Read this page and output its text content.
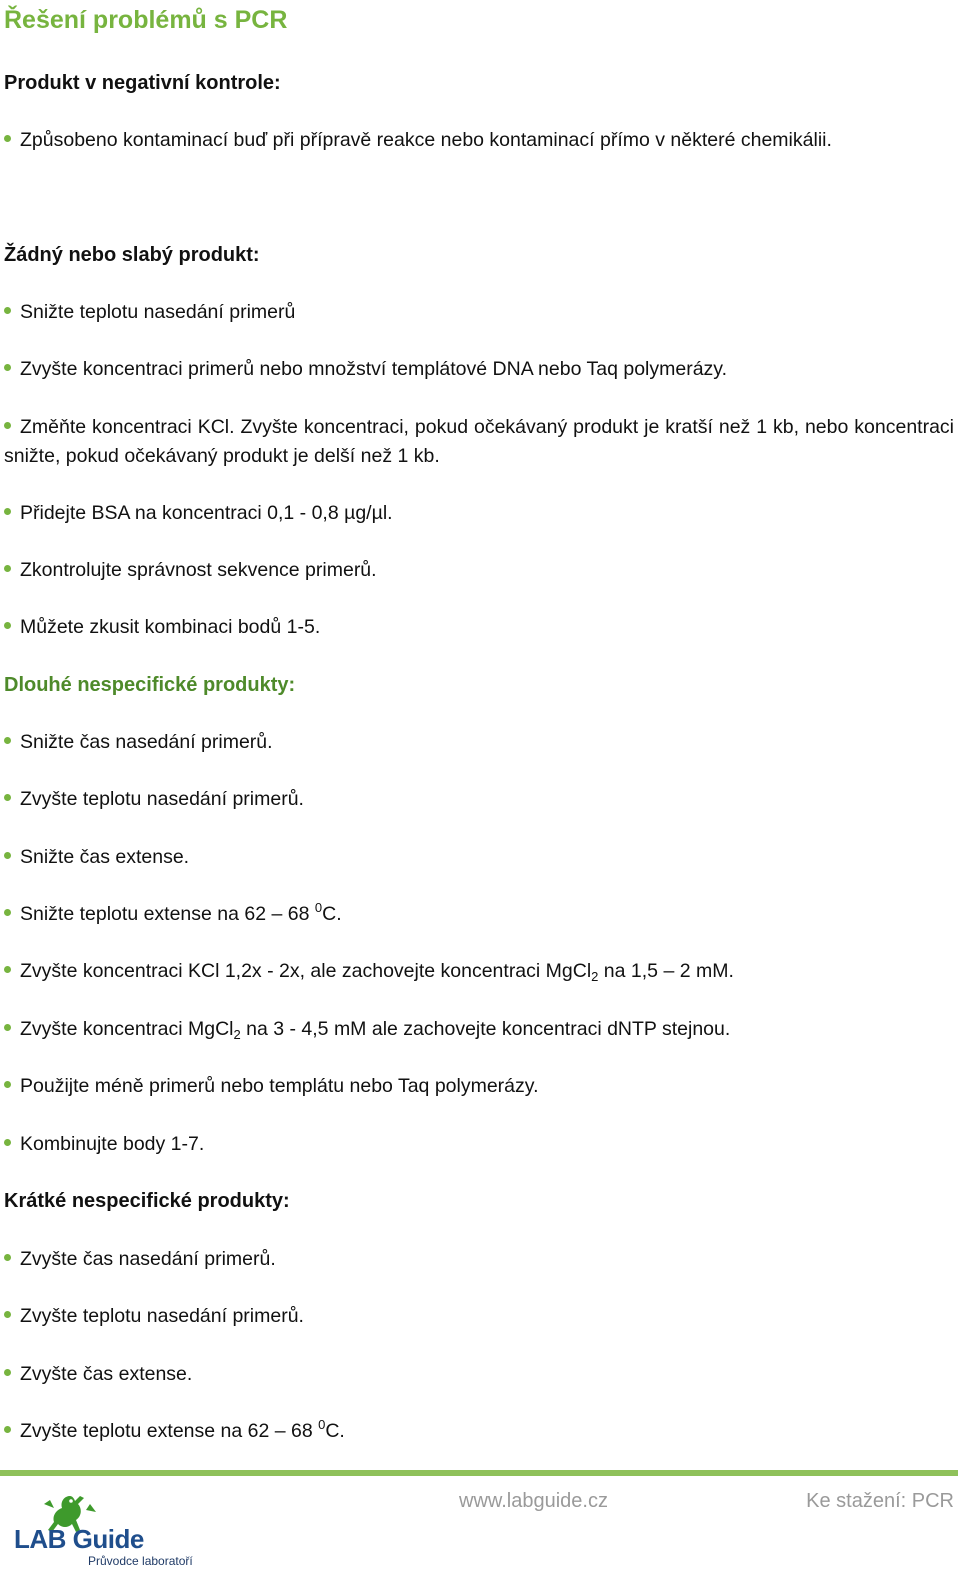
Řešení problémů s PCR
Produkt v negativní kontrole:
Způsobeno kontaminací buď při přípravě reakce nebo kontaminací přímo v některé chemikálii.
Žádný nebo slabý produkt:
Snižte teplotu nasedání primerů
Zvyšte koncentraci primerů nebo množství templátové DNA nebo Taq polymerázy.
Změňte koncentraci KCl. Zvyšte koncentraci, pokud očekávaný produkt je kratší než 1 kb, nebo koncentraci snižte, pokud očekávaný produkt je delší než 1 kb.
Přidejte BSA na koncentraci 0,1 - 0,8 µg/µl.
Zkontrolujte správnost sekvence primerů.
Můžete zkusit kombinaci bodů 1-5.
Dlouhé nespecifické produkty:
Snižte čas nasedání primerů.
Zvyšte teplotu nasedání primerů.
Snižte čas extense.
Snižte teplotu extense na 62 – 68 $^0$C.
Zvyšte koncentraci KCl 1,2x - 2x, ale zachovejte koncentraci MgCl$_2$ na 1,5 – 2 mM.
Zvyšte koncentraci MgCl$_2$ na 3 - 4,5 mM ale zachovejte koncentraci dNTP stejnou.
Použijte méně primerů nebo templátu nebo Taq polymerázy.
Kombinujte body 1-7.
Krátké nespecifické produkty:
Zvyšte čas nasedání primerů.
Zvyšte teplotu nasedání primerů.
Zvyšte čas extense.
Zvyšte teplotu extense na 62 – 68 $^0$C.
LAB Guide
Průvodce laboratoří
www.labguide.cz	Ke stažení: PCR
